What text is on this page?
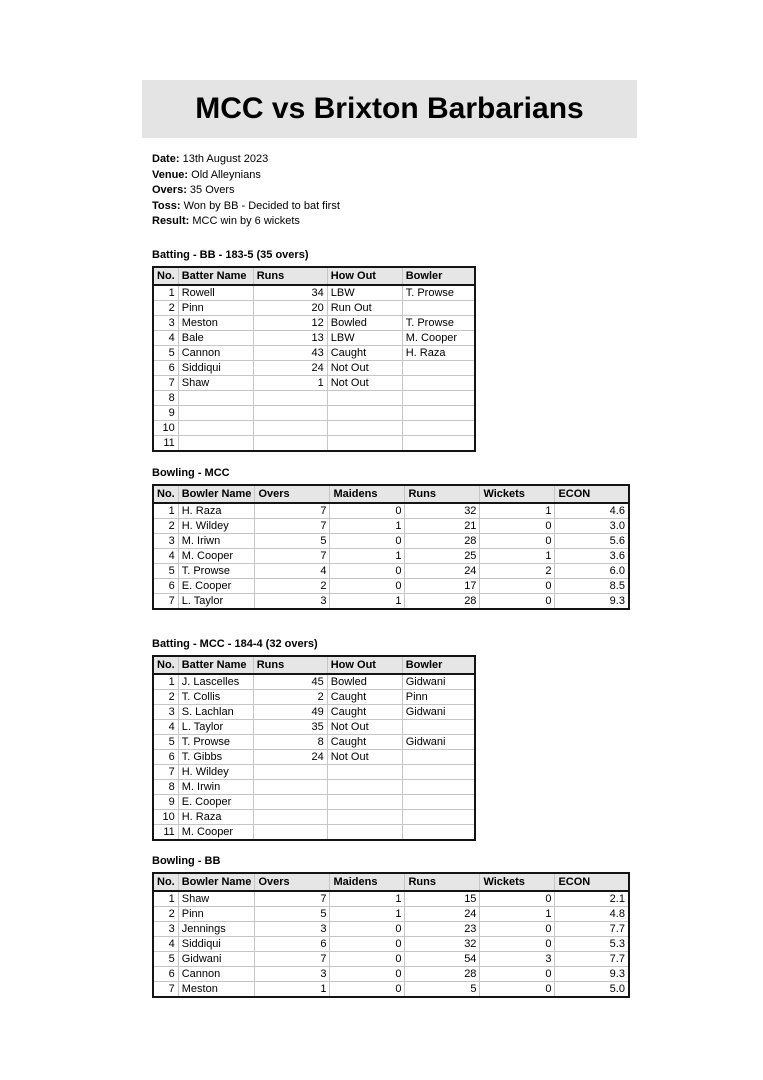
MCC vs Brixton Barbarians
Date: 13th August 2023
Venue: Old Alleynians
Overs: 35 Overs
Toss: Won by BB - Decided to bat first
Result: MCC win by 6 wickets
Batting - BB - 183-5 (35 overs)
No.	Batter Name	Runs	How Out	Bowler
1	Rowell	34	LBW	T. Prowse
2	Pinn	20	Run Out	
3	Meston	12	Bowled	T. Prowse
4	Bale	13	LBW	M. Cooper
5	Cannon	43	Caught	H. Raza
6	Siddiqui	24	Not Out	
7	Shaw	1	Not Out	
8				
9				
10				
11				
Bowling - MCC
No.	Bowler Name	Overs	Maidens	Runs	Wickets	ECON
1	H. Raza	7	0	32	1	4.6
2	H. Wildey	7	1	21	0	3.0
3	M. Iriwn	5	0	28	0	5.6
4	M. Cooper	7	1	25	1	3.6
5	T. Prowse	4	0	24	2	6.0
6	E. Cooper	2	0	17	0	8.5
7	L. Taylor	3	1	28	0	9.3
Batting - MCC - 184-4 (32 overs)
No.	Batter Name	Runs	How Out	Bowler
1	J. Lascelles	45	Bowled	Gidwani
2	T. Collis	2	Caught	Pinn
3	S. Lachlan	49	Caught	Gidwani
4	L. Taylor	35	Not Out	
5	T. Prowse	8	Caught	Gidwani
6	T. Gibbs	24	Not Out	
7	H. Wildey			
8	M. Irwin			
9	E. Cooper			
10	H. Raza			
11	M. Cooper			
Bowling - BB
No.	Bowler Name	Overs	Maidens	Runs	Wickets	ECON
1	Shaw	7	1	15	0	2.1
2	Pinn	5	1	24	1	4.8
3	Jennings	3	0	23	0	7.7
4	Siddiqui	6	0	32	0	5.3
5	Gidwani	7	0	54	3	7.7
6	Cannon	3	0	28	0	9.3
7	Meston	1	0	5	0	5.0
